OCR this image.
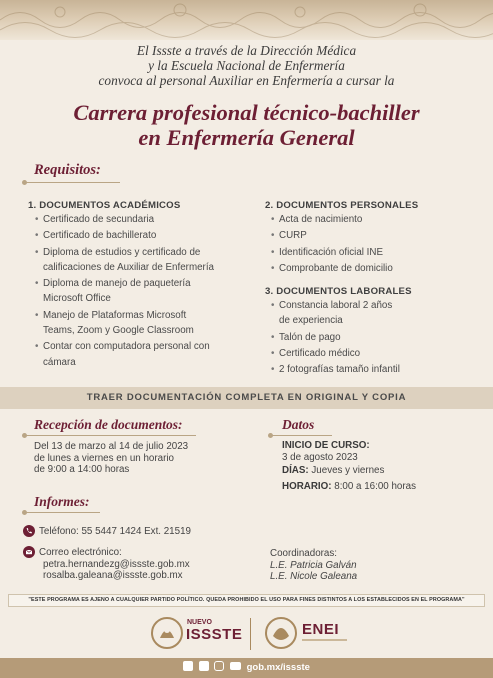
El Issste a través de la Dirección Médica
y la Escuela Nacional de Enfermería
convoca al personal Auxiliar en Enfermería a cursar la
Carrera profesional técnico-bachiller
en Enfermería General
Requisitos:
1. DOCUMENTOS ACADÉMICOS
• Certificado de secundaria
• Certificado de bachillerato
• Diploma de estudios y certificado de
calificaciones de Auxiliar de Enfermería
• Diploma de manejo de paquetería
Microsoft Office
• Manejo de Plataformas Microsoft
Teams, Zoom y Google Classroom
• Contar con computadora personal con
cámara
2. DOCUMENTOS PERSONALES
• Acta de nacimiento
• CURP
• Identificación oficial INE
• Comprobante de domicilio
3. DOCUMENTOS LABORALES
• Constancia laboral 2 años
de experiencia
• Talón de pago
• Certificado médico
• 2 fotografías tamaño infantil
TRAER DOCUMENTACIÓN COMPLETA EN ORIGINAL Y COPIA
Recepción de documentos:
Del 13 de marzo al 14 de julio 2023
de lunes a viernes en un horario
de 9:00 a 14:00 horas
Datos
INICIO DE CURSO:
3 de agosto 2023
DÍAS: Jueves y viernes
HORARIO: 8:00 a 16:00 horas
Informes:
Teléfono: 55 5447 1424 Ext. 21519
Correo electrónico:
petra.hernandezg@issste.gob.mx
rosalba.galeana@issste.gob.mx
Coordinadoras:
L.E. Patricia Galván
L.E. Nicole Galeana
"ESTE PROGRAMA ES AJENO A CUALQUIER PARTIDO POLÍTICO. QUEDA PROHIBIDO EL USO PARA FINES DISTINTOS A LOS ESTABLECIDOS EN EL PROGRAMA"
NUEVO
ISSSTE	ENEI
gob.mx/issste
